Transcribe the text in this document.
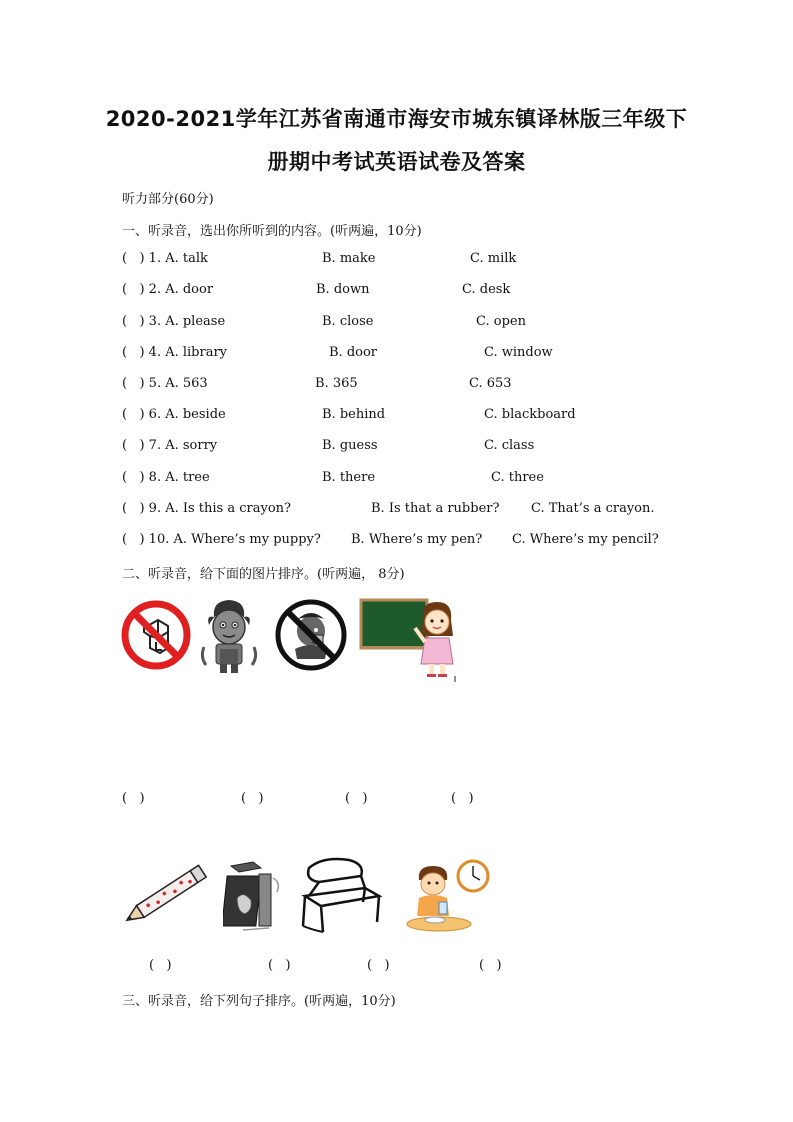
2020-2021学年江苏省南通市海安市城东镇译林版三年级下
册期中考试英语试卷及答案
听力部分(60分)
一、听录音，选出你所听到的内容。(听两遍，10分)
(   ) 1. A. talk	B. make	C. milk
(   ) 2. A. door	B. down	C. desk
(   ) 3. A. please	B. close	C. open
(   ) 4. A. library	B. door	C. window
(   ) 5. A. 563	B. 365	C. 653
(   ) 6. A. beside	B. behind	C. blackboard
(   ) 7. A. sorry	B. guess	C. class
(   ) 8. A. tree	B. there	C. three
(   ) 9. A. Is this a crayon?	B. Is that a rubber? C. That’s a crayon.
(   ) 10. A. Where’s my puppy? B. Where’s my pen? C. Where’s my pencil?
二、听录音，给下面的图片排序。(听两遍， 8分)
(   )	(   )	(   )	(   )
(   )	(   )	(   )	(   )
三、听录音，给下列句子排序。(听两遍，10分)
